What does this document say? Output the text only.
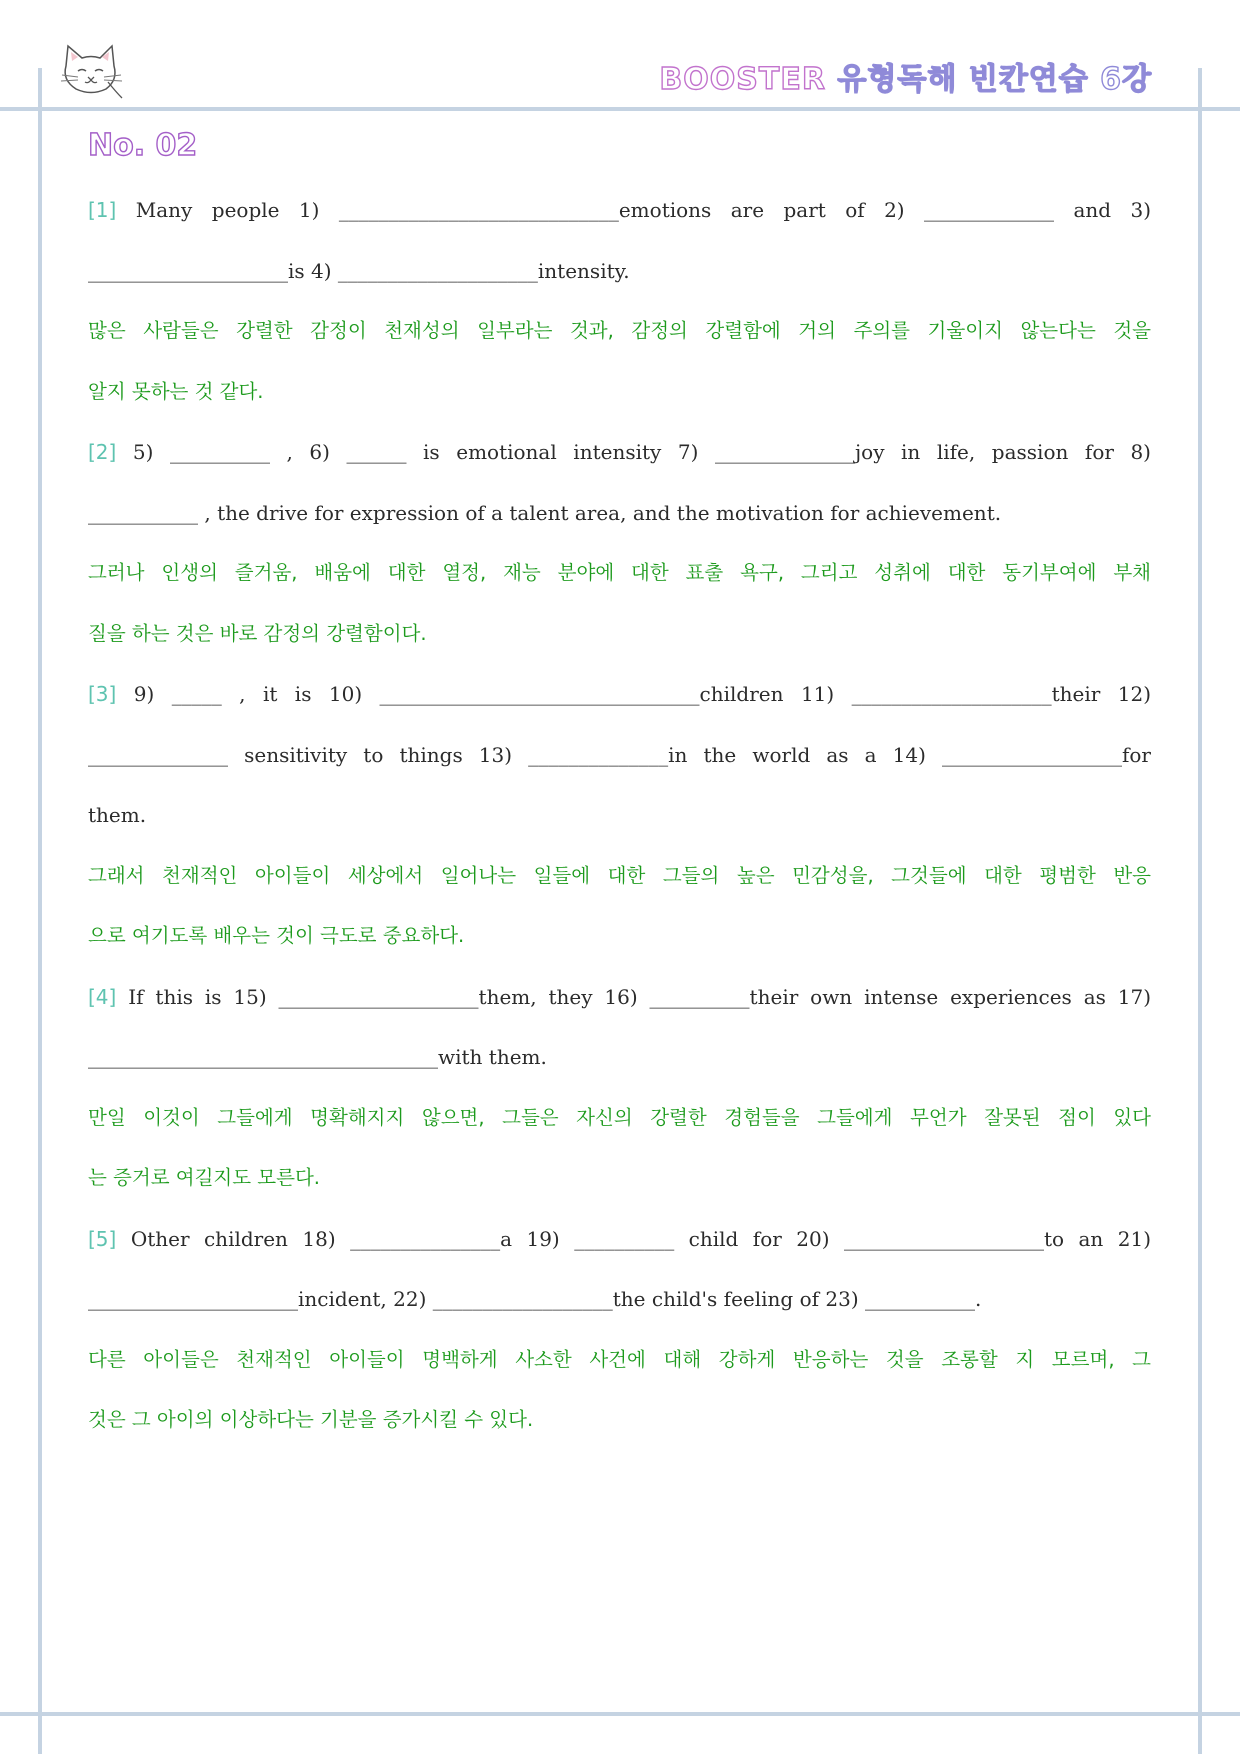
BOOSTER 유형독해 빈칸연습 6강
No. 02
[1] Many people 1) ____________________________emotions are part of 2) _____________ and 3)
____________________is 4) ____________________intensity.
많은 사람들은 강렬한 감정이 천재성의 일부라는 것과, 감정의 강렬함에 거의 주의를 기울이지 않는다는 것을
알지 못하는 것 같다.
[2] 5) __________ , 6) ______ is emotional intensity 7) ______________joy in life, passion for 8)
___________ , the drive for expression of a talent area, and the motivation for achievement.
그러나 인생의 즐거움, 배움에 대한 열정, 재능 분야에 대한 표출 욕구, 그리고 성취에 대한 동기부여에 부채
질을 하는 것은 바로 감정의 강렬함이다.
[3] 9) _____ , it is 10) ________________________________children 11) ____________________their 12)
______________ sensitivity to things 13) ______________in the world as a 14) __________________for
them.
그래서 천재적인 아이들이 세상에서 일어나는 일들에 대한 그들의 높은 민감성을, 그것들에 대한 평범한 반응
으로 여기도록 배우는 것이 극도로 중요하다.
[4] If this is 15) ____________________them, they 16) __________their own intense experiences as 17)
___________________________________with them.
만일 이것이 그들에게 명확해지지 않으면, 그들은 자신의 강렬한 경험들을 그들에게 무언가 잘못된 점이 있다
는 증거로 여길지도 모른다.
[5] Other children 18) _______________a 19) __________ child for 20) ____________________to an 21)
_____________________incident, 22) __________________the child's feeling of 23) ___________.
다른 아이들은 천재적인 아이들이 명백하게 사소한 사건에 대해 강하게 반응하는 것을 조롱할 지 모르며, 그
것은 그 아이의 이상하다는 기분을 증가시킬 수 있다.
